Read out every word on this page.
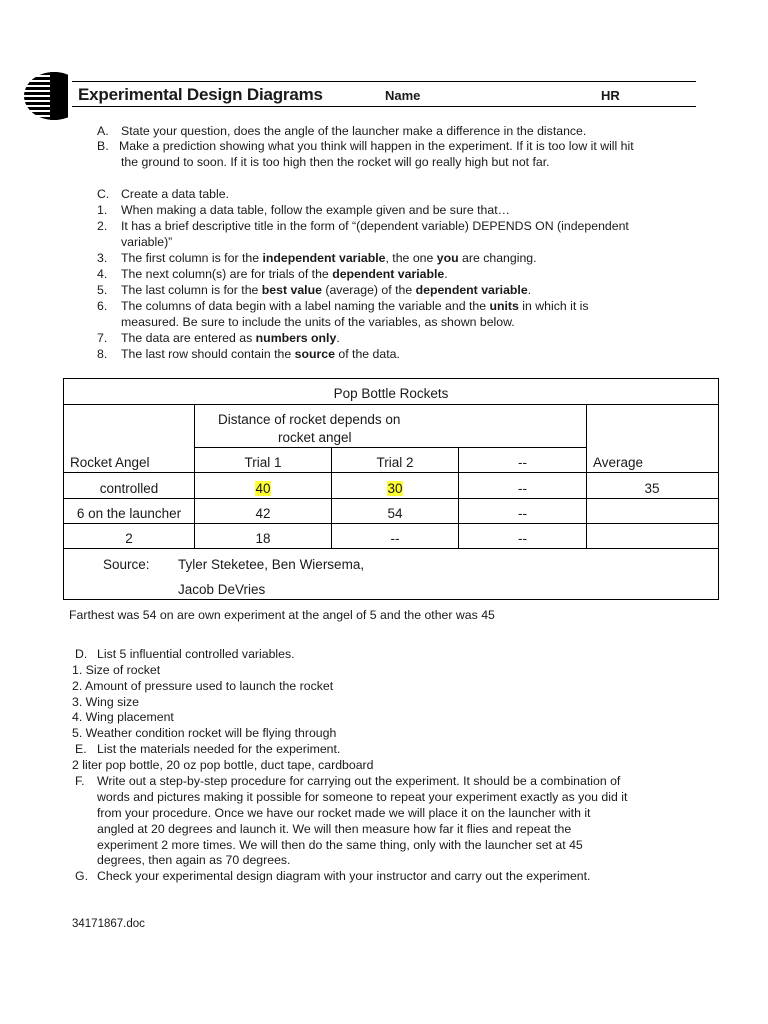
Experimental Design Diagrams	Name	HR
A. State your question, does the angle of the launcher make a difference in the distance.
B. Make a prediction showing what you think will happen in the experiment. If it is too low it will hit
the ground to soon. If it is too high then the rocket will go really high but not far.
C. Create a data table.
1. When making a data table, follow the example given and be sure that…
2. It has a brief descriptive title in the form of “(dependent variable) DEPENDS ON (independent
variable)”
3. The first column is for the independent variable, the one you are changing.
4. The next column(s) are for trials of the dependent variable.
5. The last column is for the best value (average) of the dependent variable.
6. The columns of data begin with a label naming the variable and the units in which it is
measured. Be sure to include the units of the variables, as shown below.
7. The data are entered as numbers only.
8. The last row should contain the source of the data.
Pop Bottle Rockets
Distance of rocket depends on
rocket angel
Rocket Angel	Trial 1	Trial 2	--	Average
controlled	40	30	--	35
6 on the launcher	42	54	--
2	18	--	--
Source: Tyler Steketee, Ben Wiersema,
Jacob DeVries
Farthest was 54 on are own experiment at the angel of 5 and the other was 45
D. List 5 influential controlled variables.
1. Size of rocket
2. Amount of pressure used to launch the rocket
3. Wing size
4. Wing placement
5. Weather condition rocket will be flying through
E. List the materials needed for the experiment.
2 liter pop bottle, 20 oz pop bottle, duct tape, cardboard
F. Write out a step-by-step procedure for carrying out the experiment. It should be a combination of
words and pictures making it possible for someone to repeat your experiment exactly as you did it
from your procedure. Once we have our rocket made we will place it on the launcher with it
angled at 20 degrees and launch it. We will then measure how far it flies and repeat the
experiment 2 more times. We will then do the same thing, only with the launcher set at 45
degrees, then again as 70 degrees.
G. Check your experimental design diagram with your instructor and carry out the experiment.
34171867.doc
